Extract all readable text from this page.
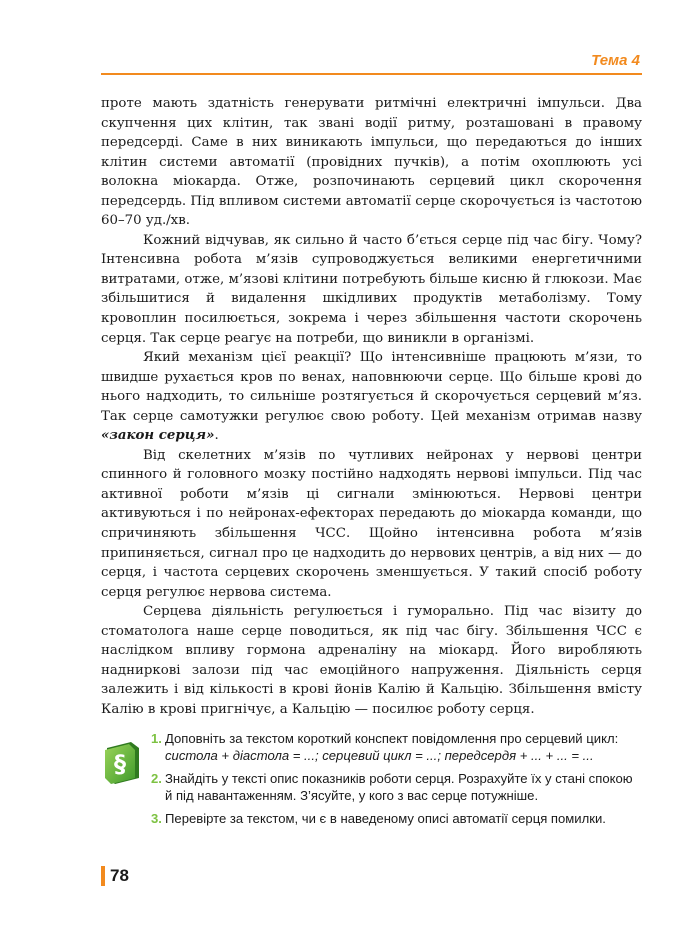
Тема 4

проте мають здатність генерувати ритмічні електричні імпульси. Два скупчення цих клітин, так звані водії ритму, розташовані в правому передсерді. Саме в них виникають імпульси, що передаються до інших клітин системи автоматії (провідних пучків), а потім охоплюють усі волокна міокарда. Отже, розпочинають серцевий цикл скорочення передсердь. Під впливом системи автоматії серце скорочується із частотою 60–70 уд./хв.

Кожний відчував, як сильно й часто б’ється серце під час бігу. Чому? Інтенсивна робота м’язів супроводжується великими енергетичними витратами, отже, м’язові клітини потребують більше кисню й глюкози. Має збільшитися й видалення шкідливих продуктів метаболізму. Тому кровоплин посилюється, зокрема і через збільшення частоти скорочень серця. Так серце реагує на потреби, що виникли в організмі.

Який механізм цієї реакції? Що інтенсивніше працюють м’язи, то швидше рухається кров по венах, наповнюючи серце. Що більше крові до нього надходить, то сильніше розтягується й скорочується серцевий м’яз. Так серце самотужки регулює свою роботу. Цей механізм отримав назву «закон серця».

Від скелетних м’язів по чутливих нейронах у нервові центри спинного й головного мозку постійно надходять нервові імпульси. Під час активної роботи м’язів ці сигнали змінюються. Нервові центри активуються і по нейронах-ефекторах передають до міокарда команди, що спричиняють збільшення ЧСС. Щойно інтенсивна робота м’язів припиняється, сигнал про це надходить до нервових центрів, а від них — до серця, і частота серцевих скорочень зменшується. У такий спосіб роботу серця регулює нервова система.

Серцева діяльність регулюється і гуморально. Під час візиту до стоматолога наше серце поводиться, як під час бігу. Збільшення ЧСС є наслідком впливу гормона адреналіну на міокард. Його виробляють надниркові залози під час емоційного напруження. Діяльність серця залежить і від кількості в крові йонів Калію й Кальцію. Збільшення вмісту Калію в крові пригнічує, а Кальцію — посилює роботу серця.

§
1. Доповніть за текстом короткий конспект повідомлення про серцевий цикл:
систола + діастола = ...; серцевий цикл = ...; передсердя + ... + ... = ...
2. Знайдіть у тексті опис показників роботи серця. Розрахуйте їх у стані спокою й під навантаженням. З’ясуйте, у кого з вас серце потужніше.
3. Перевірте за текстом, чи є в наведеному описі автоматії серця помилки.
78
